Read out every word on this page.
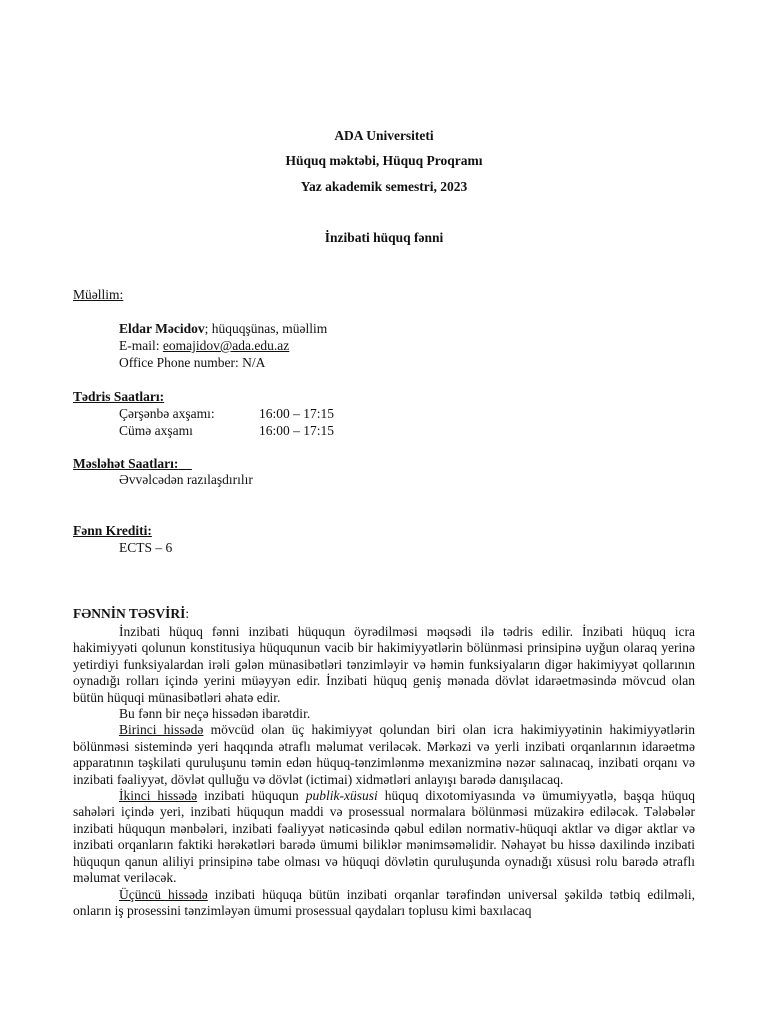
ADA Universiteti
Hüquq məktəbi, Hüquq Proqramı
Yaz akademik semestri, 2023
İnzibati hüquq fənni
Müəllim:
Eldar Məcidov; hüquqşünas, müəllim
E-mail: eomajidov@ada.edu.az
Office Phone number: N/A
Tədris Saatları:
Çərşənbə axşamı:	16:00 – 17:15
Cümə axşamı	16:00 – 17:15
Məsləhət Saatları:
Əvvəlcədən razılaşdırılır
Fənn Krediti:
ECTS – 6
FƏNNİN TƏSVİRİ:

İnzibati hüquq fənni inzibati hüququn öyrədilməsi məqsədi ilə tədris edilir. İnzibati hüquq icra hakimiyyəti qolunun konstitusiya hüququnun vacib bir hakimiyyətlərin bölünməsi prinsipinə uyğun olaraq yerinə yetirdiyi funksiyalardan irəli gələn münasibətləri tənzimləyir və həmin funksiyaların digər hakimiyyət qollarının oynadığı rolları içində yerini müəyyən edir. İnzibati hüquq geniş mənada dövlət idarəetməsində mövcud olan bütün hüquqi münasibətləri əhatə edir.

Bu fənn bir neçə hissədən ibarətdir.

Birinci hissədə mövcüd olan üç hakimiyyət qolundan biri olan icra hakimiyyətinin hakimiyyətlərin bölünməsi sistemində yeri haqqında ətraflı məlumat veriləcək. Mərkəzi və yerli inzibati orqanlarının idarəetmə apparatının təşkilati quruluşunu təmin edən hüquq-tənzimlənmə mexanizminə nəzər salınacaq, inzibati orqanı və inzibati fəaliyyət, dövlət qulluğu və dövlət (ictimai) xidmətləri anlayışı barədə danışılacaq.

İkinci hissədə inzibati hüququn publik-xüsusi hüquq dixotomiyasında və ümumiyyətlə, başqa hüquq sahələri içində yeri, inzibati hüququn maddi və prosessual normalara bölünməsi müzakirə ediləcək. Tələbələr inzibati hüququn mənbələri, inzibati fəaliyyət nəticəsində qəbul edilən normativ-hüquqi aktlar və digər aktlar və inzibati orqanların faktiki hərəkətləri barədə ümumi biliklər mənimsəməlidir. Nəhayət bu hissə daxilində inzibati hüququn qanun aliliyi prinsipinə tabe olması və hüquqi dövlətin quruluşunda oynadığı xüsusi rolu barədə ətraflı məlumat veriləcək.

Üçüncü hissədə inzibati hüquqa bütün inzibati orqanlar tərəfindən universal şəkildə tətbiq edilməli, onların iş prosessini tənzimləyən ümumi prosessual qaydaları toplusu kimi baxılacaq
